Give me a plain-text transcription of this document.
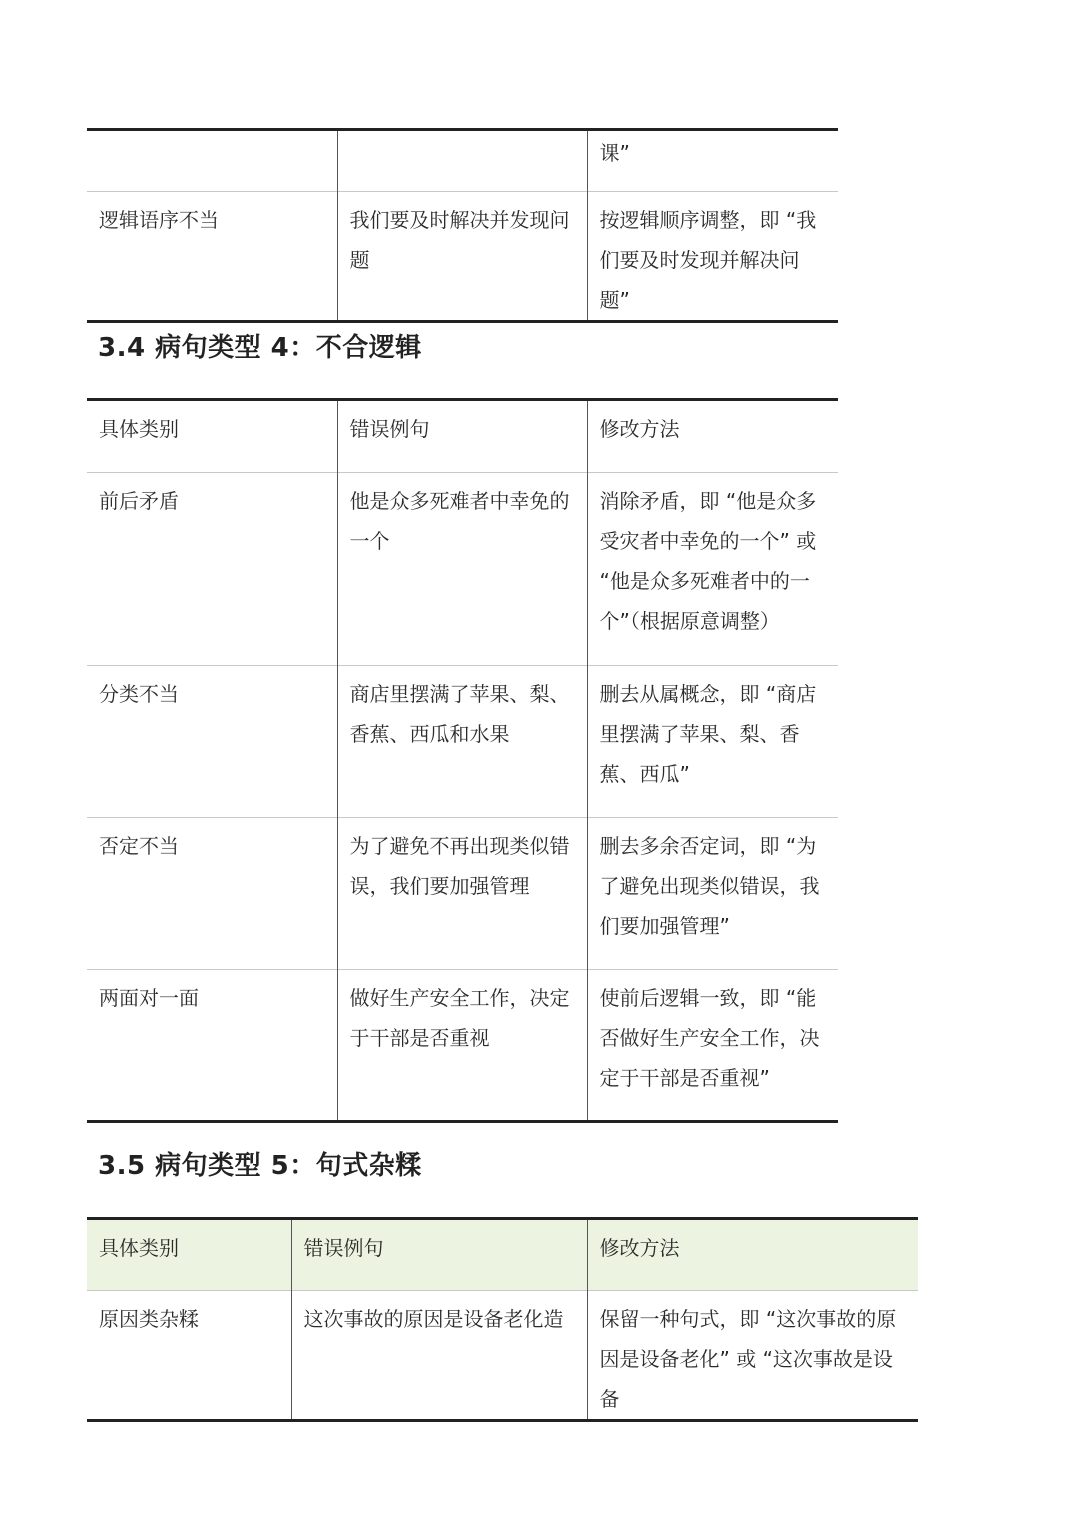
		课”
逻辑语序不当	我们要及时解决并发现问题	按逻辑顺序调整，即 “我们要及时发现并解决问题”
3.4 病句类型 4：不合逻辑
具体类别	错误例句	修改方法
前后矛盾	他是众多死难者中幸免的一个	消除矛盾，即 “他是众多受灾者中幸免的一个” 或 “他是众多死难者中的一个”（根据原意调整）
分类不当	商店里摆满了苹果、梨、香蕉、西瓜和水果	删去从属概念，即 “商店里摆满了苹果、梨、香蕉、西瓜”
否定不当	为了避免不再出现类似错误，我们要加强管理	删去多余否定词，即 “为了避免出现类似错误，我们要加强管理”
两面对一面	做好生产安全工作，决定于干部是否重视	使前后逻辑一致，即 “能否做好生产安全工作，决定于干部是否重视”
3.5 病句类型 5：句式杂糅
具体类别	错误例句	修改方法
原因类杂糅	这次事故的原因是设备老化造	保留一种句式，即 “这次事故的原因是设备老化” 或 “这次事故是设备
